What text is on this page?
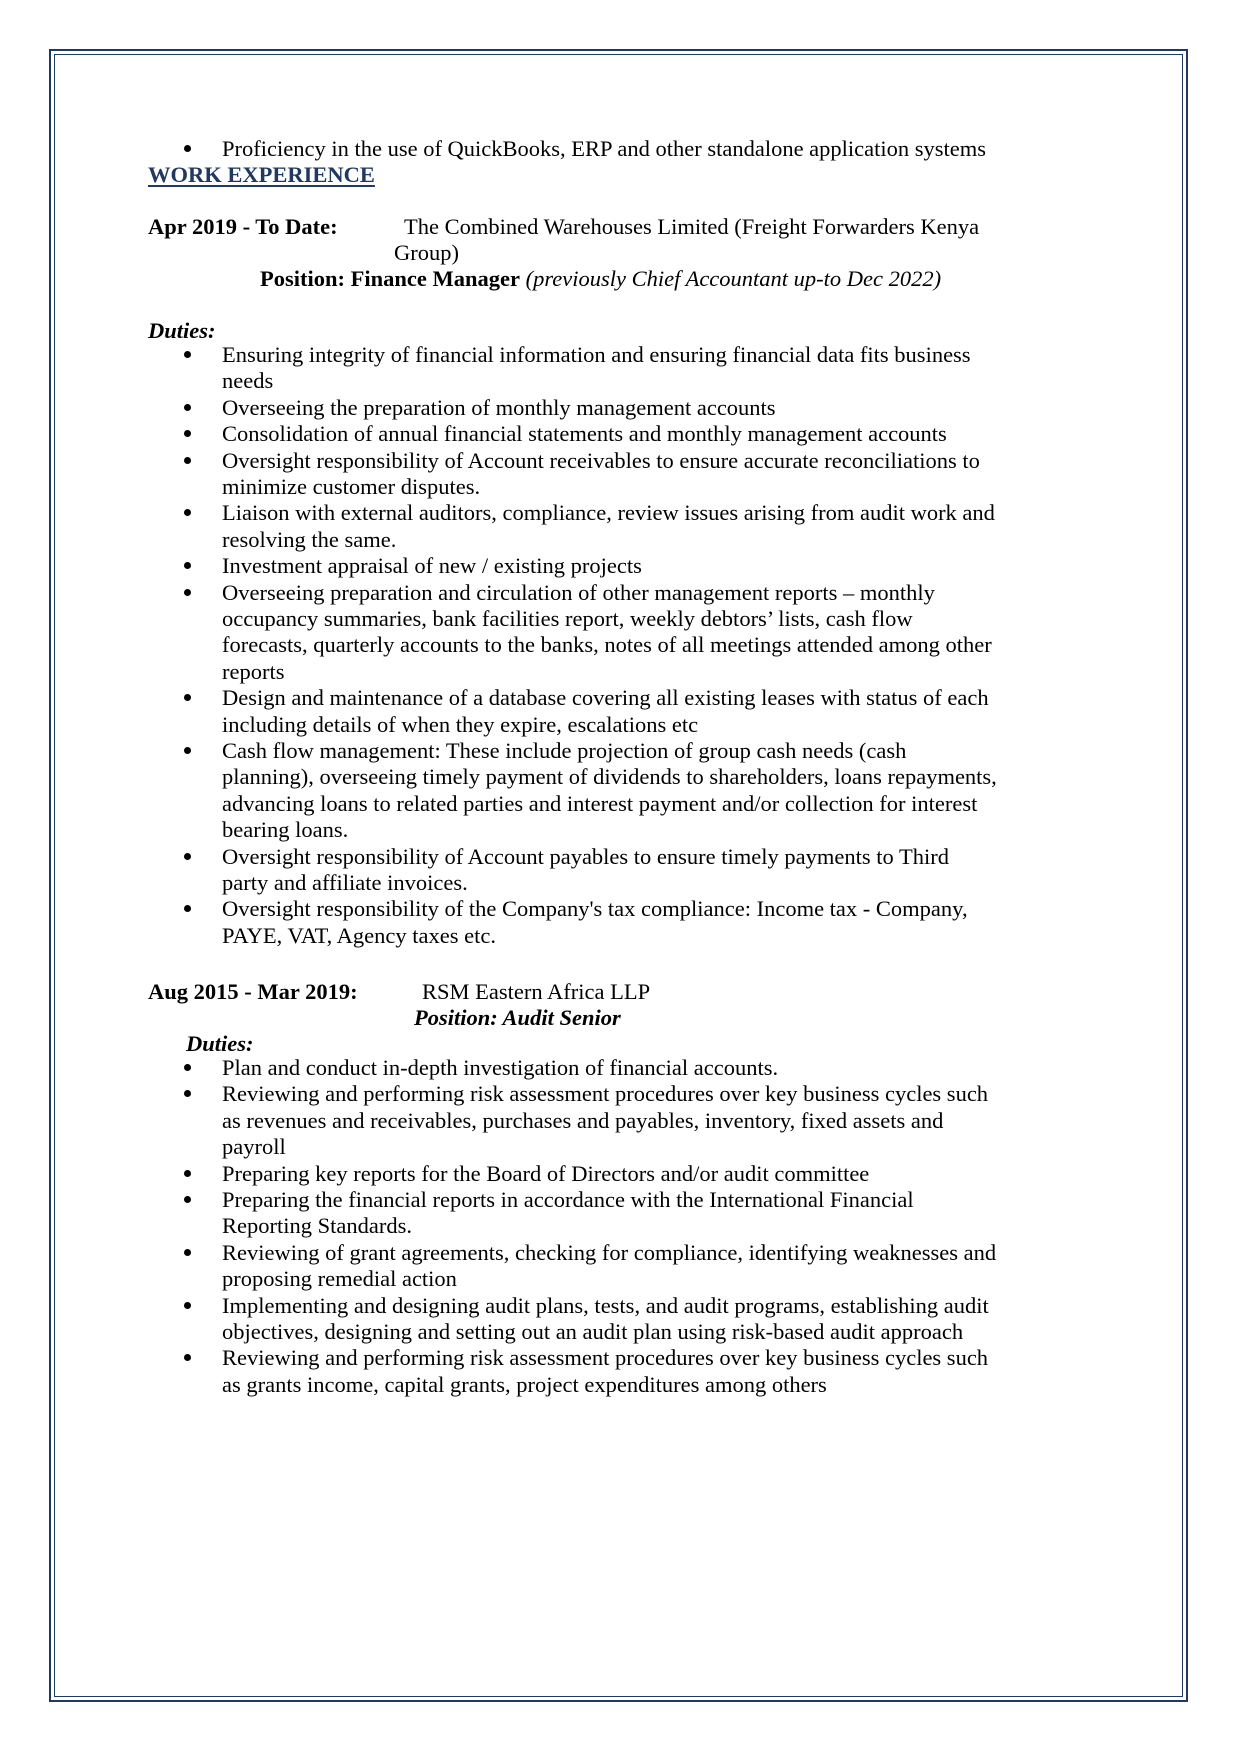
Proficiency in the use of QuickBooks, ERP and other standalone application systems
WORK EXPERIENCE
Apr 2019 - To Date:	The Combined Warehouses Limited (Freight Forwarders Kenya
Group)
Position: Finance Manager (previously Chief Accountant up-to Dec 2022)
Duties:
Ensuring integrity of financial information and ensuring financial data fits business
needs
Overseeing the preparation of monthly management accounts
Consolidation of annual financial statements and monthly management accounts
Oversight responsibility of Account receivables to ensure accurate reconciliations to
minimize customer disputes.
Liaison with external auditors, compliance, review issues arising from audit work and
resolving the same.
Investment appraisal of new / existing projects
Overseeing preparation and circulation of other management reports – monthly
occupancy summaries, bank facilities report, weekly debtors’ lists, cash flow
forecasts, quarterly accounts to the banks, notes of all meetings attended among other
reports
Design and maintenance of a database covering all existing leases with status of each
including details of when they expire, escalations etc
Cash flow management: These include projection of group cash needs (cash
planning), overseeing timely payment of dividends to shareholders, loans repayments,
advancing loans to related parties and interest payment and/or collection for interest
bearing loans.
Oversight responsibility of Account payables to ensure timely payments to Third
party and affiliate invoices.
Oversight responsibility of the Company's tax compliance: Income tax - Company,
PAYE, VAT, Agency taxes etc.
Aug 2015 - Mar 2019:	RSM Eastern Africa LLP
Position: Audit Senior
Duties:
Plan and conduct in-depth investigation of financial accounts.
Reviewing and performing risk assessment procedures over key business cycles such
as revenues and receivables, purchases and payables, inventory, fixed assets and
payroll
Preparing key reports for the Board of Directors and/or audit committee
Preparing the financial reports in accordance with the International Financial
Reporting Standards.
Reviewing of grant agreements, checking for compliance, identifying weaknesses and
proposing remedial action
Implementing and designing audit plans, tests, and audit programs, establishing audit
objectives, designing and setting out an audit plan using risk-based audit approach
Reviewing and performing risk assessment procedures over key business cycles such
as grants income, capital grants, project expenditures among others
